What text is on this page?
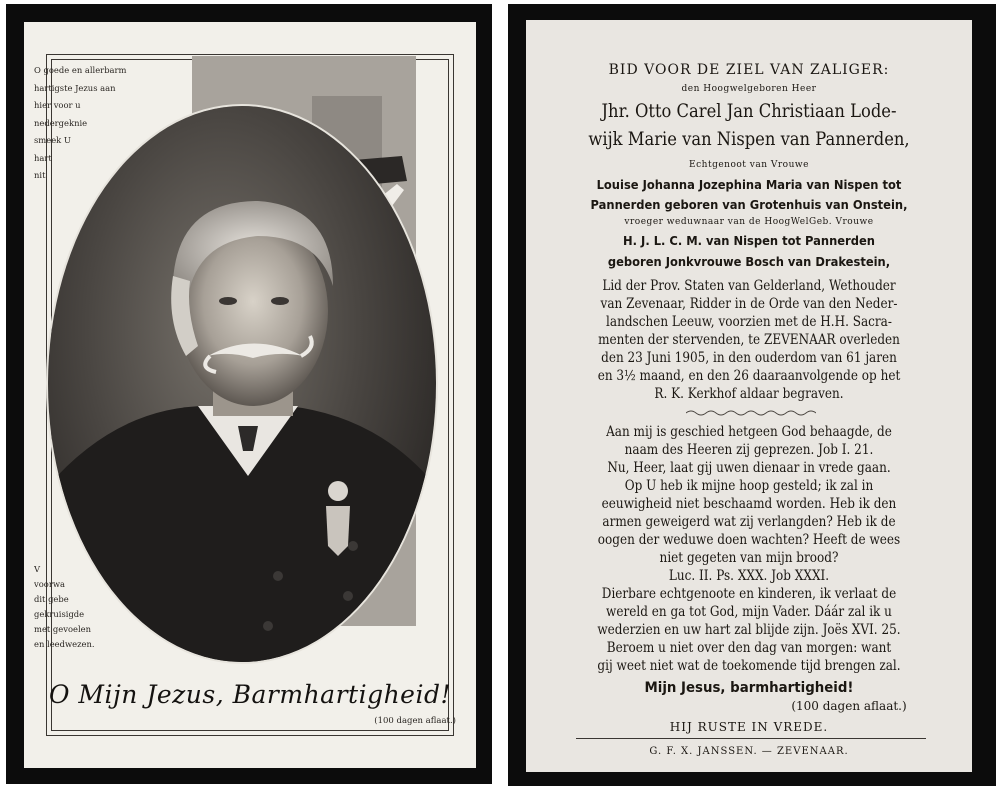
O goede en allerbarm
hartigste Jezus aan
hier voor u
nedergeknie
smeek U
hart
nit
V
voorwa
dit gebe
gekruisigde
met gevoelen
en leedwezen.
O Mijn Jezus, Barmhartigheid!
(100 dagen aflaat.)
BID VOOR DE ZIEL VAN ZALIGER:
den Hoogwelgeboren Heer
Jhr. Otto Carel Jan Christiaan Lode-
wijk Marie van Nispen van Pannerden,
Echtgenoot van Vrouwe
Louise Johanna Jozephina Maria van Nispen tot
Pannerden geboren van Grotenhuis van Onstein,
vroeger weduwnaar van de HoogWelGeb. Vrouwe
H. J. L. C. M. van Nispen tot Pannerden
geboren Jonkvrouwe Bosch van Drakestein,
Lid der Prov. Staten van Gelderland, Wethouder
van Zevenaar, Ridder in de Orde van den Neder-
landschen Leeuw, voorzien met de H.H. Sacra-
menten der stervenden, te ZEVENAAR overleden
den 23 Juni 1905, in den ouderdom van 61 jaren
en 3½ maand, en den 26 daaraanvolgende op het
R. K. Kerkhof aldaar begraven.
Aan mij is geschied hetgeen God behaagde, de
naam des Heeren zij geprezen. Job I. 21.
Nu, Heer, laat gij uwen dienaar in vrede gaan.
Op U heb ik mijne hoop gesteld; ik zal in
eeuwigheid niet beschaamd worden. Heb ik den
armen geweigerd wat zij verlangden? Heb ik de
oogen der weduwe doen wachten? Heeft de wees
niet gegeten van mijn brood?
Luc. II. Ps. XXX. Job XXXI.
Dierbare echtgenoote en kinderen, ik verlaat de
wereld en ga tot God, mijn Vader. Dáár zal ik u
wederzien en uw hart zal blijde zijn. Joës XVI. 25.
Beroem u niet over den dag van morgen: want
gij weet niet wat de toekomende tijd brengen zal.
Mijn Jesus, barmhartigheid!
(100 dagen aflaat.)
HIJ RUSTE IN VREDE.
G. F. X. JANSSEN. — ZEVENAAR.
